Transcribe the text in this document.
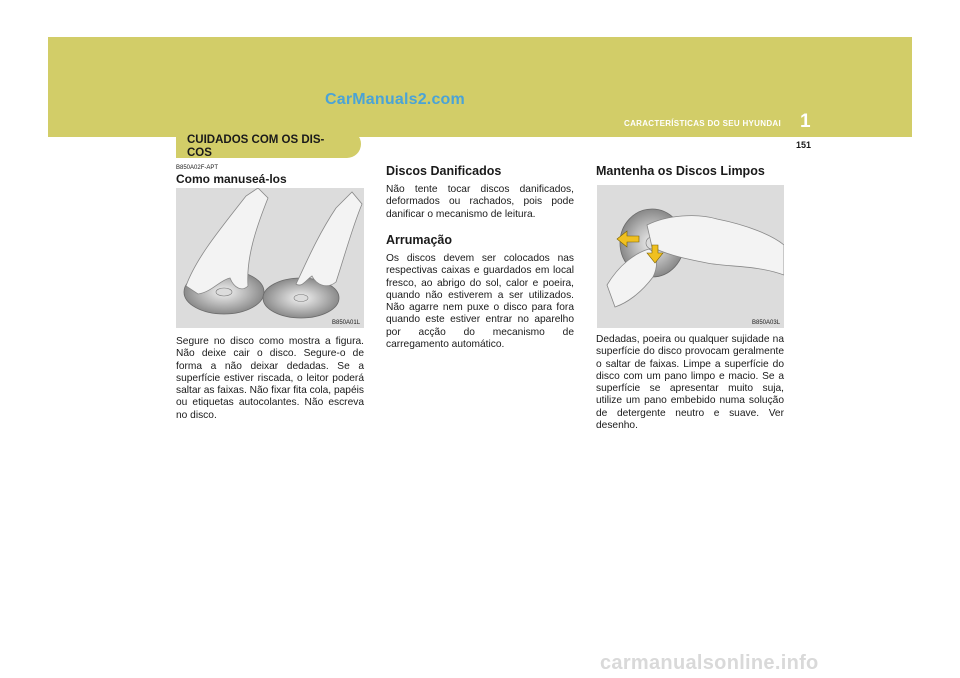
CarManuals2.com
CARACTERÍSTICAS DO SEU HYUNDAI 1
151
CUIDADOS COM OS DIS- COS
B850A02F-APT
Como manuseá-los
B850A01L
Segure no disco como mostra a figura. Não deixe cair o disco. Segure-o de forma a não deixar dedadas. Se a superfície estiver riscada, o leitor poderá saltar as faixas. Não fixar fita cola, papéis ou etiquetas autocolantes. Não escreva no disco.
Discos Danificados
Não tente tocar discos danificados, deformados ou rachados, pois pode danificar o mecanismo de leitura.
Arrumação
Os discos devem ser colocados nas respectivas caixas e guardados em local fresco, ao abrigo do sol, calor e poeira, quando não estiverem a ser utilizados. Não agarre nem puxe o disco para fora quando este estiver entrar no aparelho por acção do mecanismo de carregamento automático.
Mantenha os Discos Limpos
B850A03L
Dedadas, poeira ou qualquer sujidade na superfície do disco provocam geralmente o saltar de faixas. Limpe a superfície do disco com um pano limpo e macio. Se a superfície se apresentar muito suja, utilize um pano embebido numa solução de detergente neutro e suave. Ver desenho.
carmanualsonline.info
